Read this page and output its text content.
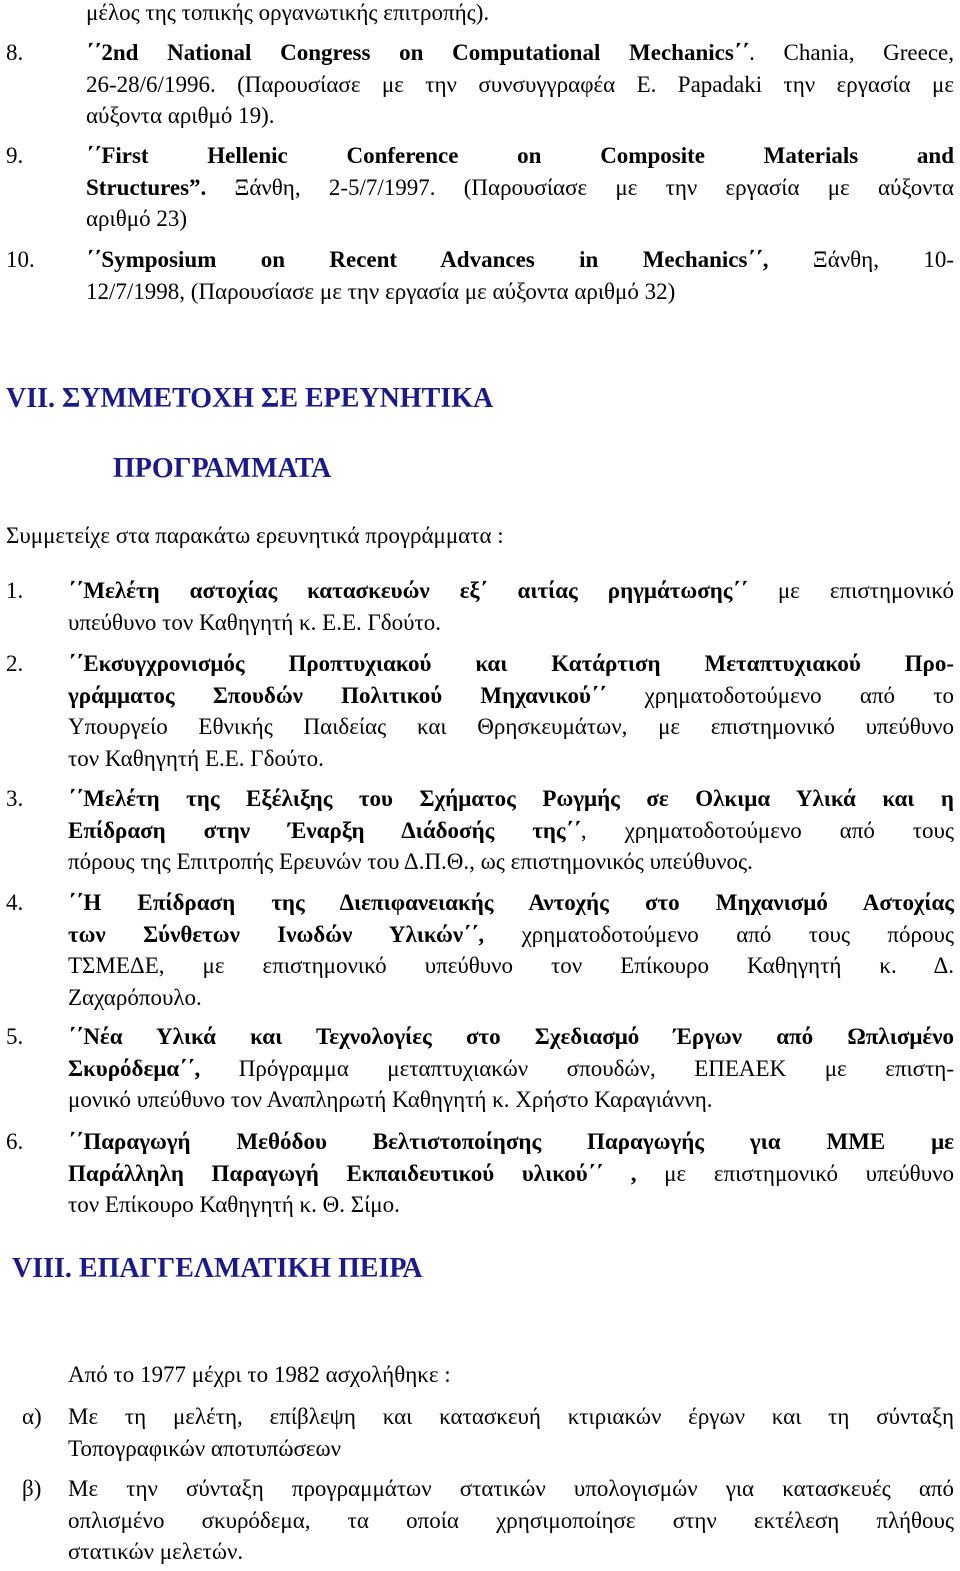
μέλος της τοπικής οργανωτικής επιτροπής).
8.	΄΄2nd National Congress on Computational Mechanics΄΄. Chania, Greece,
26-28/6/1996. (Παρουσίασε με την συνσυγγραφέα Ε. Papadaki την εργασία με
αύξοντα αριθμό 19).
9.	΄΄First Hellenic Conference on Composite Materials and
Structures”. Ξάνθη, 2-5/7/1997. (Παρουσίασε με την εργασία με αύξοντα
αριθμό 23)
10. ΄΄Symposium on Recent Advances in Mechanics΄΄, Ξάνθη, 10-
12/7/1998, (Παρουσίασε με την εργασία με αύξοντα αριθμό 32)
VII. ΣΥΜΜΕΤΟΧΗ ΣΕ ΕΡΕΥΝΗΤΙΚΑ
ΠΡΟΓΡΑΜΜΑΤΑ
Συμμετείχε στα παρακάτω ερευνητικά προγράμματα :
1. ΄΄Μελέτη αστοχίας κατασκευών εξ΄ αιτίας ρηγμάτωσης΄΄ με επιστημονικό
υπεύθυνο τον Καθηγητή κ. Ε.Ε. Γδούτο.
2. ΄΄Εκσυγχρονισμός Προπτυχιακού και Κατάρτιση Μεταπτυχιακού Προ-
γράμματος Σπουδών Πολιτικού Μηχανικού΄΄ χρηματοδοτούμενο από το
Υπουργείο Εθνικής Παιδείας και Θρησκευμάτων, με επιστημονικό υπεύθυνο
τον Καθηγητή Ε.Ε. Γδούτο.
3. ΄΄Μελέτη της Εξέλιξης του Σχήματος Ρωγμής σε Ολκιμα Υλικά και η
Επίδραση στην Έναρξη Διάδοσής της΄΄, χρηματοδοτούμενο από τους
πόρους της Επιτροπής Ερευνών του Δ.Π.Θ., ως επιστημονικός υπεύθυνος.
4. ΄΄Η Επίδραση της Διεπιφανειακής Αντοχής στο Μηχανισμό Αστοχίας
των Σύνθετων Ινωδών Υλικών΄΄, χρηματοδοτούμενο από τους πόρους
ΤΣΜΕΔΕ, με επιστημονικό υπεύθυνο τον Επίκουρο Καθηγητή κ. Δ.
Ζαχαρόπουλο.
5. ΄΄Νέα Υλικά και Τεχνολογίες στο Σχεδιασμό Έργων από Ωπλισμένο
Σκυρόδεμα΄΄, Πρόγραμμα μεταπτυχιακών σπουδών, ΕΠΕΑΕΚ με επιστη-
μονικό υπεύθυνο τον Αναπληρωτή Καθηγητή κ. Χρήστο Καραγιάννη.
6. ΄΄Παραγωγή Μεθόδου Βελτιστοποίησης Παραγωγής για ΜΜΕ με
Παράλληλη Παραγωγή Εκπαιδευτικού υλικού΄΄ , με επιστημονικό υπεύθυνο
τον Επίκουρο Καθηγητή κ. Θ. Σίμο.
VIII. ΕΠΑΓΓΕΛΜΑΤΙΚΗ ΠΕΙΡΑ
Από το 1977 μέχρι το 1982 ασχολήθηκε :
α) Με τη μελέτη, επίβλεψη και κατασκευή κτιριακών έργων και τη σύνταξη
Τοπογραφικών αποτυπώσεων
β) Με την σύνταξη προγραμμάτων στατικών υπολογισμών για κατασκευές από
οπλισμένο σκυρόδεμα, τα οποία χρησιμοποίησε στην εκτέλεση πλήθους
στατικών μελετών.
